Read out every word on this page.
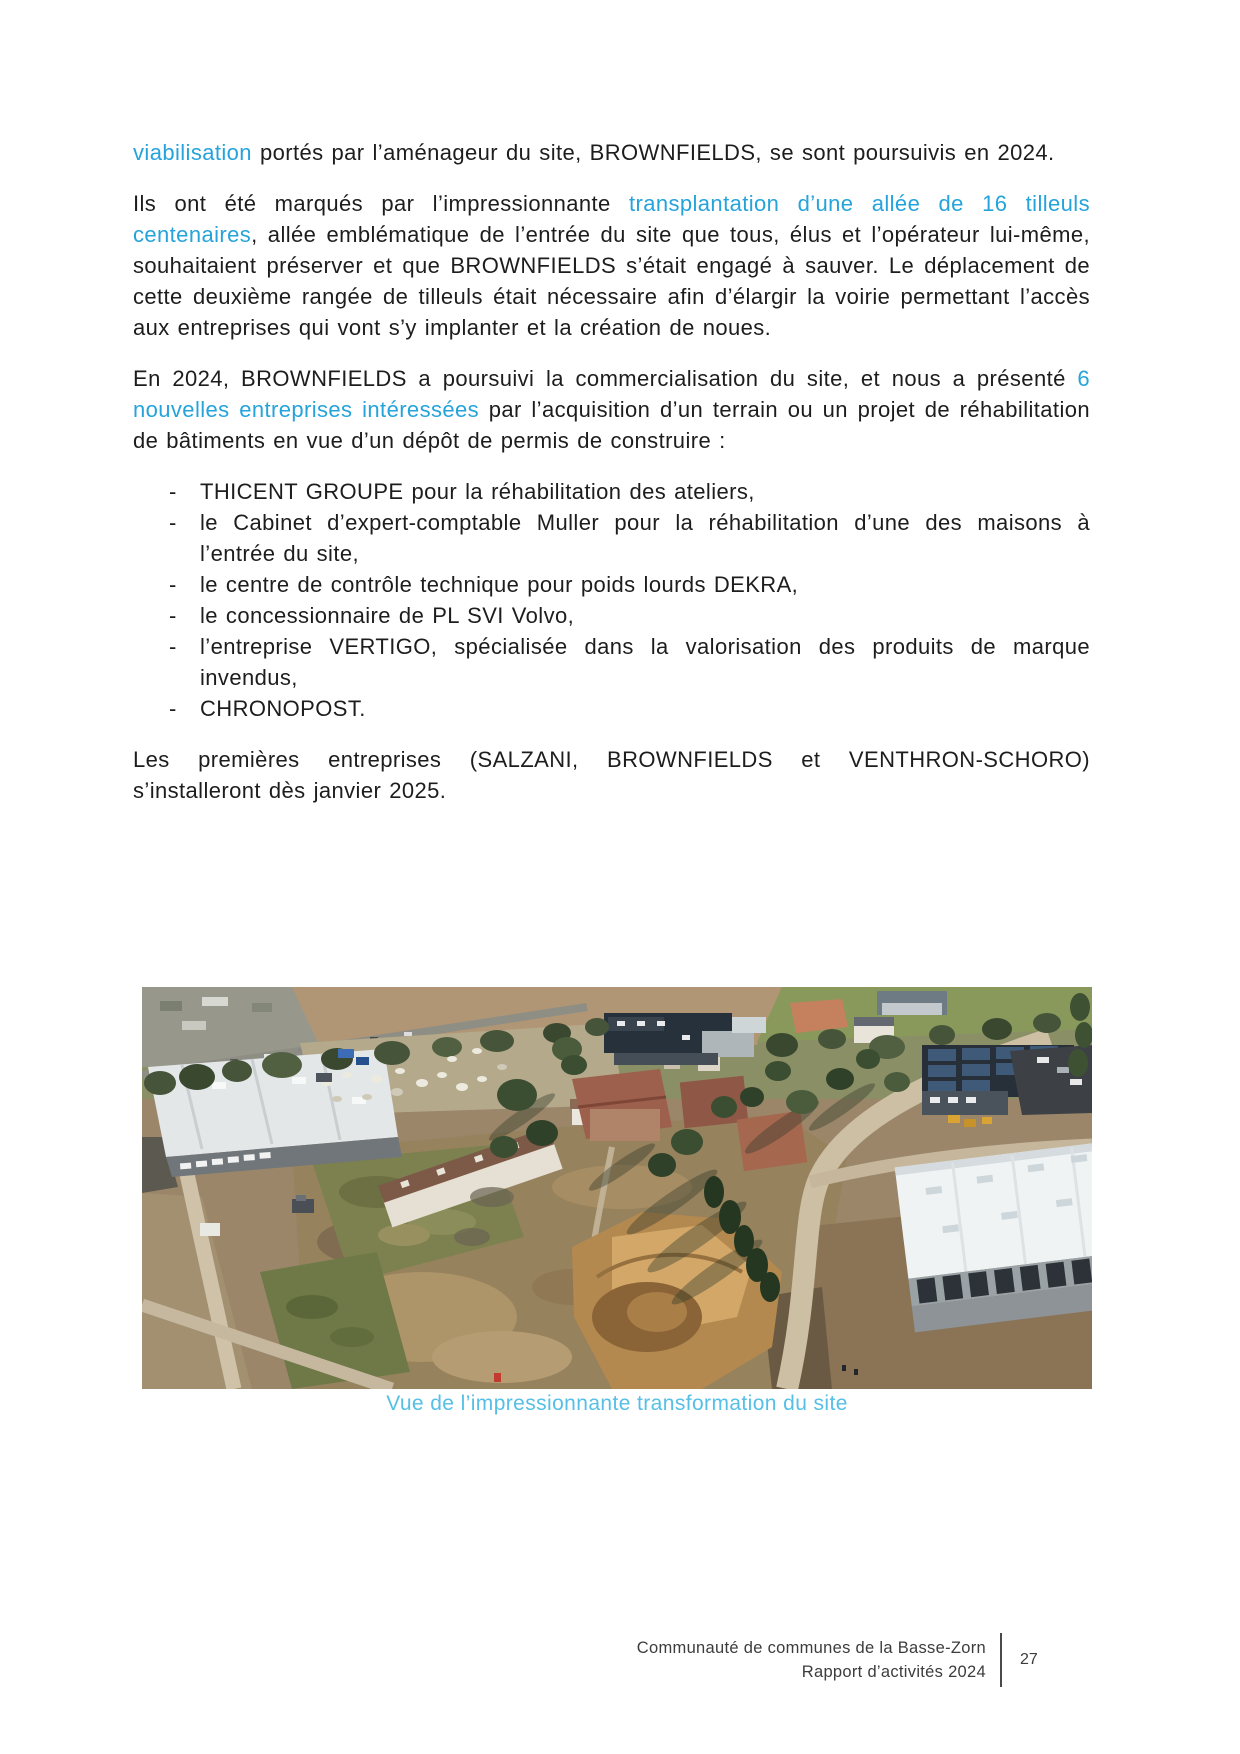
viabilisation portés par l’aménageur du site, BROWNFIELDS, se sont poursuivis en 2024.

Ils ont été marqués par l’impressionnante transplantation d’une allée de 16 tilleuls centenaires, allée emblématique de l’entrée du site que tous, élus et l’opérateur lui-même, souhaitaient préserver et que BROWNFIELDS s’était engagé à sauver. Le déplacement de cette deuxième rangée de tilleuls était nécessaire afin d’élargir la voirie permettant l’accès aux entreprises qui vont s’y implanter et la création de noues.

En 2024, BROWNFIELDS a poursuivi la commercialisation du site, et nous a présenté 6 nouvelles entreprises intéressées par l’acquisition d’un terrain ou un projet de réhabilitation de bâtiments en vue d’un dépôt de permis de construire :

- THICENT GROUPE pour la réhabilitation des ateliers,
- le Cabinet d’expert-comptable Muller pour la réhabilitation d’une des maisons à l’entrée du site,
- le centre de contrôle technique pour poids lourds DEKRA,
- le concessionnaire de PL SVI Volvo,
- l’entreprise VERTIGO, spécialisée dans la valorisation des produits de marque invendus,
- CHRONOPOST.

Les premières entreprises (SALZANI, BROWNFIELDS et VENTHRON-SCHORO) s’installeront dès janvier 2025.

Vue de l’impressionnante transformation du site
Communauté de communes de la Basse-Zorn
Rapport d’activités 2024
27
